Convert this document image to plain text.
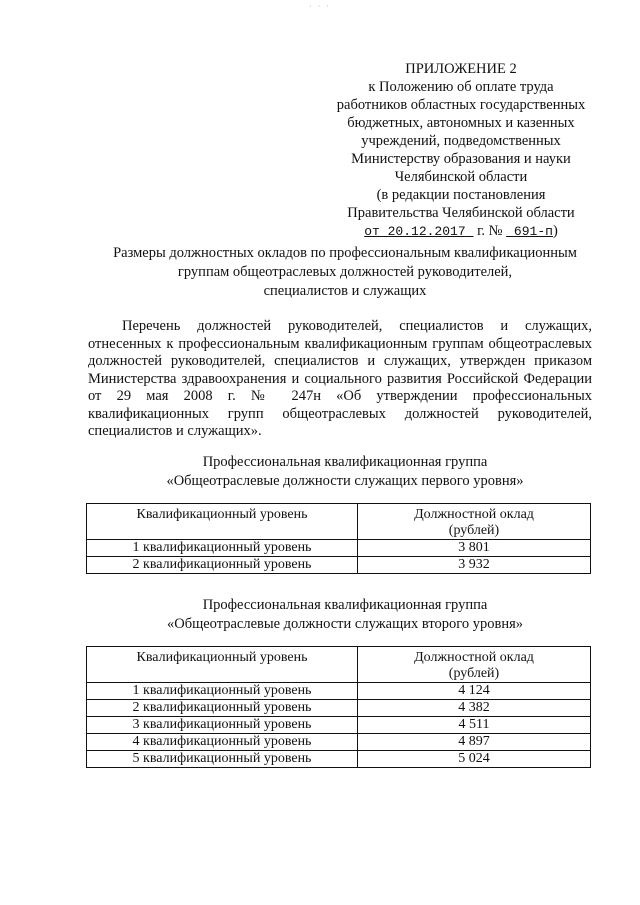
· · ·
ПРИЛОЖЕНИЕ 2
к Положению об оплате труда
работников областных государственных
бюджетных, автономных и казенных
учреждений, подведомственных
Министерству образования и науки
Челябинской области
(в редакции постановления
Правительства Челябинской области
от 20.12.2017 г. № 691-п)
Размеры должностных окладов по профессиональным квалификационным
группам общеотраслевых должностей руководителей,
специалистов и служащих
Перечень должностей руководителей, специалистов и служащих, отнесенных к профессиональным квалификационным группам общеотраслевых должностей руководителей, специалистов и служащих, утвержден приказом Министерства здравоохранения и социального развития Российской Федерации от 29 мая 2008 г. № 247н «Об утверждении профессиональных квалификационных групп общеотраслевых должностей руководителей, специалистов и служащих».
Профессиональная квалификационная группа
«Общеотраслевые должности служащих первого уровня»
Квалификационный уровень	Должностной оклад
(рублей)

1 квалификационный уровень	3 801
2 квалификационный уровень	3 932
Профессиональная квалификационная группа
«Общеотраслевые должности служащих второго уровня»
Квалификационный уровень	Должностной оклад
(рублей)

1 квалификационный уровень	4 124
2 квалификационный уровень	4 382
3 квалификационный уровень	4 511
4 квалификационный уровень	4 897
5 квалификационный уровень	5 024
